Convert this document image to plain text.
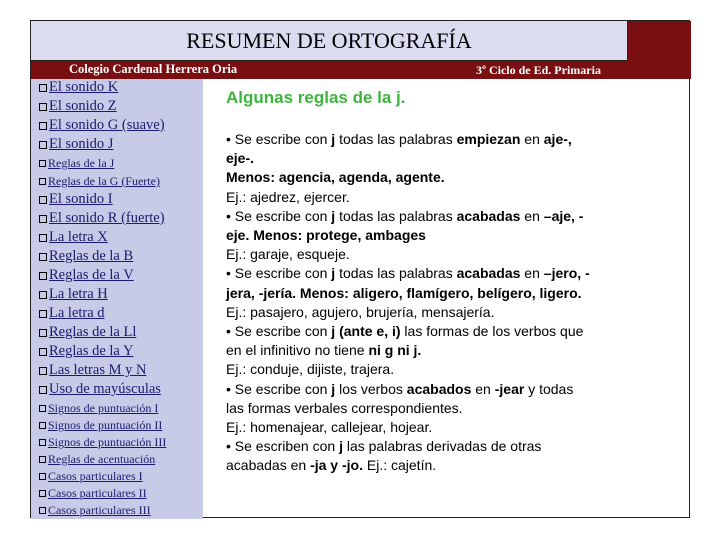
RESUMEN DE ORTOGRAFÍA
Colegio Cardenal Herrera Oria	3º Ciclo de Ed. Primaria
El sonido K
El sonido Z
El sonido G (suave)
El sonido J
Reglas de la J
Reglas de la G (Fuerte)
El sonido I
El sonido R (fuerte)
La letra X
Reglas de la B
Reglas de la V
La letra H
La letra d
Reglas de la Ll
Reglas de la Y
Las letras M y N
Uso de mayúsculas
Signos de puntuación I
Signos de puntuación II
Signos de puntuación III
Reglas de acentuación
Casos particulares I
Casos particulares II
Casos particulares III
Algunas reglas de la j.
• Se escribe con j todas las palabras empiezan en aje-,
eje-.
Menos: agencia, agenda, agente.
Ej.: ajedrez, ejercer.
• Se escribe con j todas las palabras acabadas en –aje, -
eje. Menos: protege, ambages
Ej.: garaje, esqueje.
• Se escribe con j todas las palabras acabadas en –jero, -
jera, -jería. Menos: aligero, flamígero, belígero, ligero.
Ej.: pasajero, agujero, brujería, mensajería.
• Se escribe con j (ante e, i) las formas de los verbos que
en el infinitivo no tiene ni g ni j.
Ej.: conduje, dijiste, trajera.
• Se escribe con j los verbos acabados en -jear y todas
las formas verbales correspondientes.
Ej.: homenajear, callejear, hojear.
• Se escriben con j las palabras derivadas de otras
acabadas en -ja y -jo. Ej.: cajetín.
